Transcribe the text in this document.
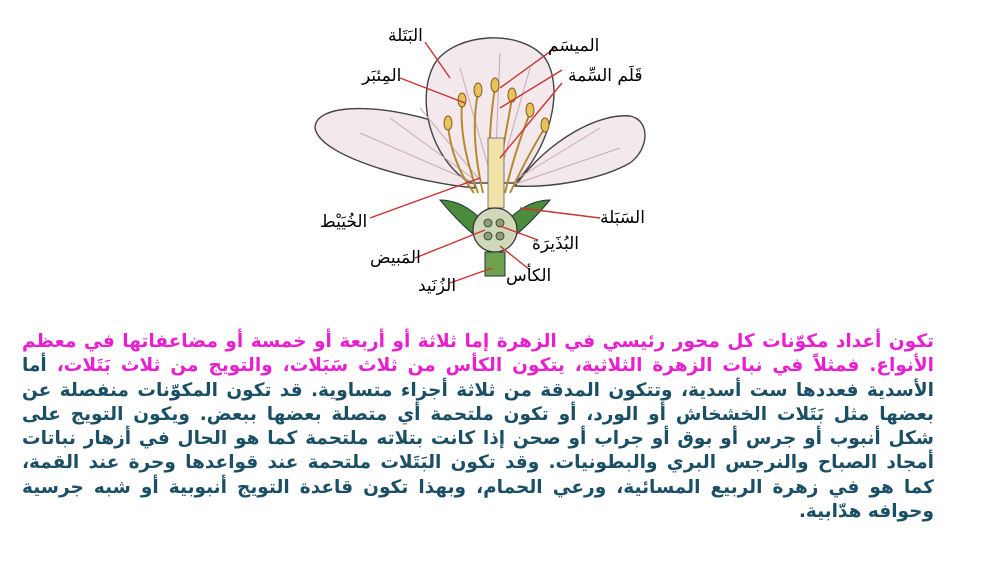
البَتَلة
المِئبَر
الخُيَيْط
المَبيض
الزُنَيد
الميسَم
قَلَم السِّمة
السَبَلة
البُذَيرَة
الكأس
تكون أعداد مكوّنات كل محور رئيسي في الزهرة إما ثلاثة أو أربعة أو خمسة أو مضاعفاتها في معظم الأنواع. فمثلاً في نبات الزهرة الثلاثية، يتكون الكأس من ثلاث سَبَلات، والتويج من ثلاث بَتَلات، أما الأسدية فعددها ست أسدية، وتتكون المدقة من ثلاثة أجزاء متساوية. قد تكون المكوّنات منفصلة عن بعضها مثل بَتَلات الخشخاش أو الورد، أو تكون ملتحمة أي متصلة بعضها ببعض. ويكون التويج على شكل أنبوب أو جرس أو بوق أو جراب أو صحن إذا كانت بتلاته ملتحمة كما هو الحال في أزهار نباتات أمجاد الصباح والنرجس البري والبطونيات. وقد تكون البَتَلات ملتحمة عند قواعدها وحرة عند القمة، كما هو في زهرة الربيع المسائية، ورعي الحمام، وبهذا تكون قاعدة التويج أنبوبية أو شبه جرسية وحوافه هدّابية.
